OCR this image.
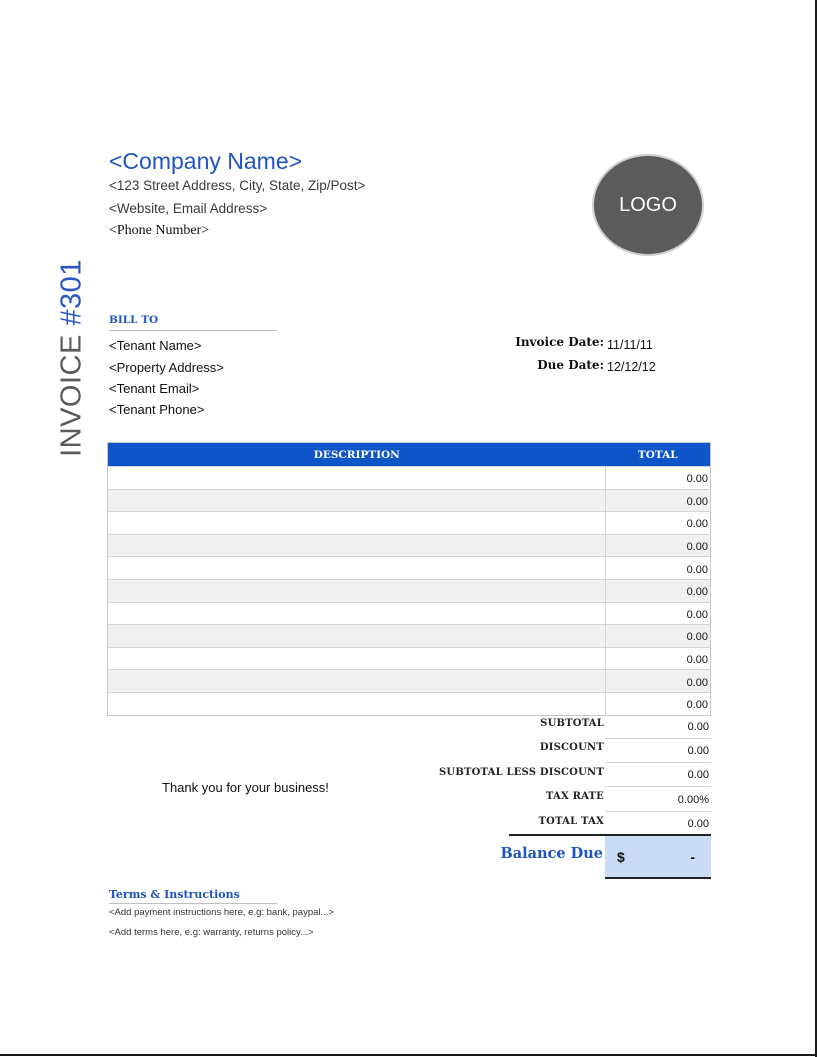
INVOICE #301
<Company Name>
<123 Street Address, City, State, Zip/Post>
<Website, Email Address>
<Phone Number>
LOGO
BILL TO
<Tenant Name>
<Property Address>
<Tenant Email>
<Tenant Phone>
Invoice Date: 11/11/11
Due Date: 12/12/12
DESCRIPTION	TOTAL
	0.00
	0.00
	0.00
	0.00
	0.00
	0.00
	0.00
	0.00
	0.00
	0.00
	0.00
SUBTOTAL	0.00
DISCOUNT	0.00
SUBTOTAL LESS DISCOUNT	0.00
TAX RATE	0.00%
TOTAL TAX	0.00
Balance Due $	-
Thank you for your business!
Terms & Instructions
<Add payment instructions here, e.g: bank, paypal...>
<Add terms here, e.g: warranty, returns policy...>
